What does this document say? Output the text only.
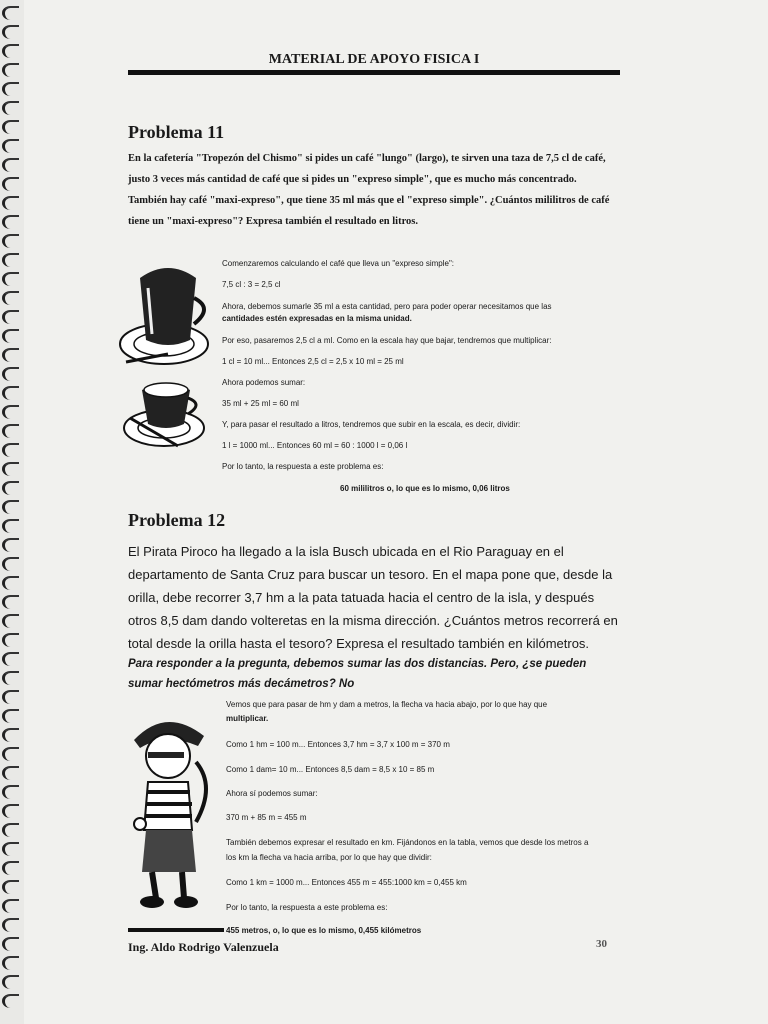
MATERIAL DE APOYO FISICA I
Problema 11
En la cafetería "Tropezón del Chismo" si pides un café "lungo" (largo), te sirven una taza de 7,5 cl de café, justo 3 veces más cantidad de café que si pides un "expreso simple", que es mucho más concentrado. También hay café "maxi-expreso", que tiene 35 ml más que el "expreso simple". ¿Cuántos mililitros de café tiene un "maxi-expreso"? Expresa también el resultado en litros.
Comenzaremos calculando el café que lleva un "expreso simple":
7,5 cl : 3 = 2,5 cl
Ahora, debemos sumarle 35 ml a esta cantidad, pero para poder operar necesitamos que las
cantidades estén expresadas en la misma unidad.
Por eso, pasaremos 2,5 cl a ml. Como en la escala hay que bajar, tendremos que multiplicar:
1 cl = 10 ml... Entonces 2,5 cl = 2,5 x 10 ml = 25 ml
Ahora podemos sumar:
35 ml + 25 ml = 60 ml
Y, para pasar el resultado a litros, tendremos que subir en la escala, es decir, dividir:
1 l = 1000 ml... Entonces 60 ml = 60 : 1000 l = 0,06 l
Por lo tanto, la respuesta a este problema es:
60 mililitros o, lo que es lo mismo, 0,06 litros
Problema 12
El Pirata Piroco ha llegado a la isla Busch ubicada en el Rio Paraguay en el departamento de Santa Cruz para buscar un tesoro. En el mapa pone que, desde la orilla, debe recorrer 3,7 hm a la pata tatuada hacia el centro de la isla, y después otros 8,5 dam dando volteretas en la misma dirección. ¿Cuántos metros recorrerá en total desde la orilla hasta el tesoro? Expresa el resultado también en kilómetros.
Para responder a la pregunta, debemos sumar las dos distancias. Pero, ¿se pueden sumar hectómetros más decámetros? No
Vemos que para pasar de hm y dam a metros, la flecha va hacia abajo, por lo que hay que
multiplicar.
Como 1 hm = 100 m... Entonces 3,7 hm = 3,7 x 100 m = 370 m
Como 1 dam= 10 m... Entonces 8,5 dam = 8,5 x 10 = 85 m
Ahora sí podemos sumar:
370 m + 85 m = 455 m
También debemos expresar el resultado en km. Fijándonos en la tabla, vemos que desde los metros a
los km la flecha va hacia arriba, por lo que hay que dividir:
Como 1 km = 1000 m... Entonces 455 m = 455:1000 km = 0,455 km
Por lo tanto, la respuesta a este problema es:
455 metros, o, lo que es lo mismo, 0,455 kilómetros
Ing. Aldo Rodrigo Valenzuela	30
